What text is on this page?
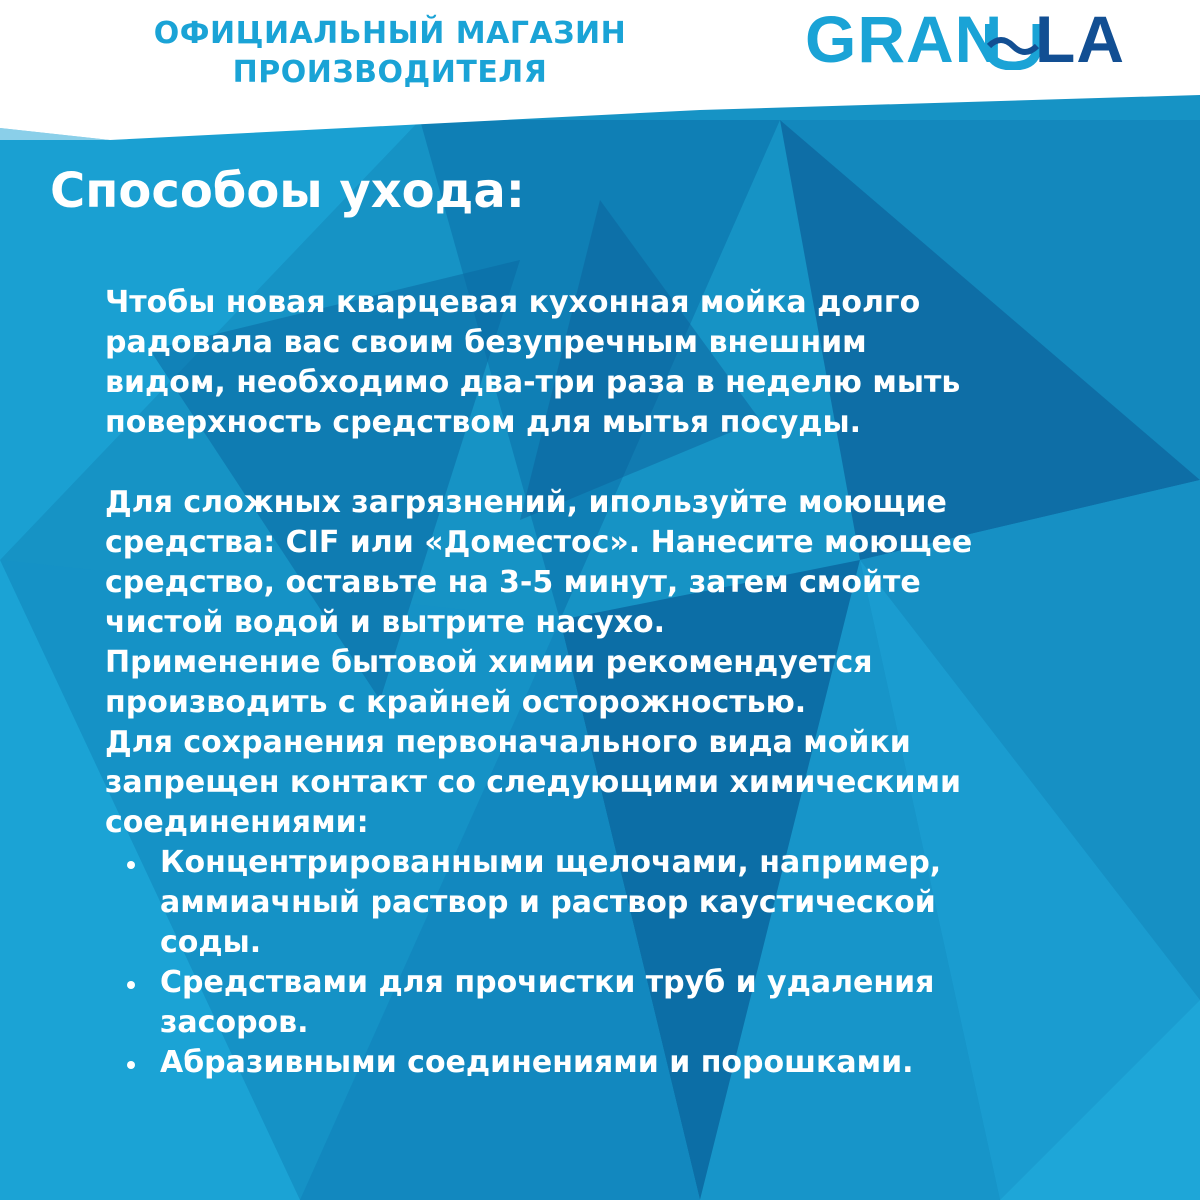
ОФИЦИАЛЬНЫЙ МАГАЗИН
ПРОИЗВОДИТЕЛЯ	GRAN LA
Способоы ухода:
Чтобы новая кварцевая кухонная мойка долго
радовала вас своим безупречным внешним
видом, необходимо два-три раза в неделю мыть
поверхность средством для мытья посуды.
Для сложных загрязнений, ипользуйте моющие
средства: CIF или «Доместос». Нанесите моющее
средство, оставьте на 3-5 минут, затем смойте
чистой водой и вытрите насухо.
Применение бытовой химии рекомендуется
производить с крайней осторожностью.
Для сохранения первоначального вида мойки
запрещен контакт со следующими химическими
соединениями:
Концентрированными щелочами, например,
аммиачный раствор и раствор каустической
соды.
Средствами для прочистки труб и удаления
засоров.
Абразивными соединениями и порошками.
